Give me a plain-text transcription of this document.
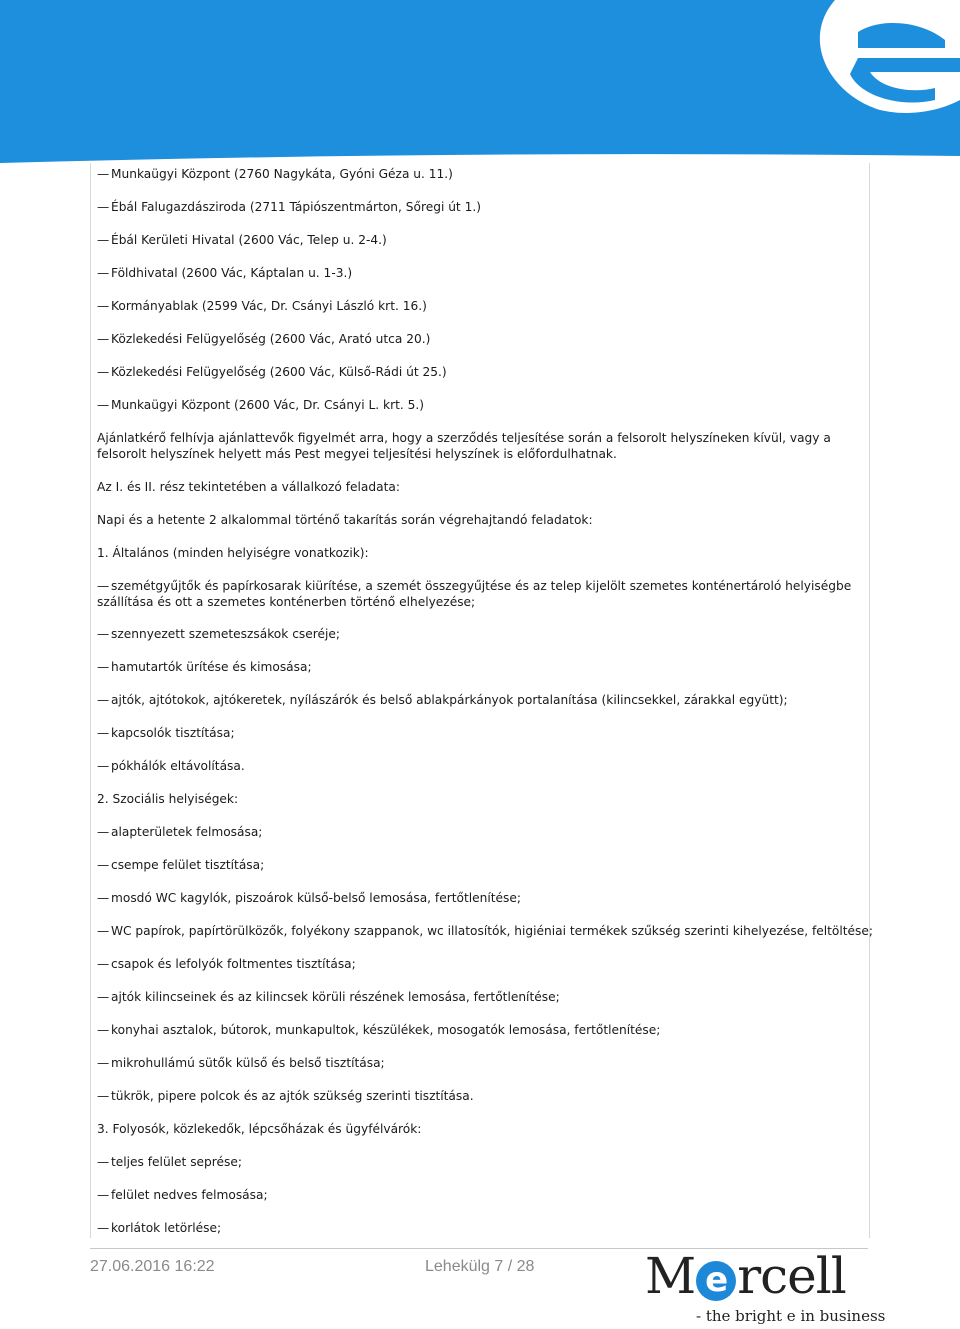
— Munkaügyi Központ (2760 Nagykáta, Gyóni Géza u. 11.)
— Ébál Falugazdásziroda (2711 Tápiószentmárton, Sőregi út 1.)
— Ébál Kerületi Hivatal (2600 Vác, Telep u. 2-4.)
— Földhivatal (2600 Vác, Káptalan u. 1-3.)
— Kormányablak (2599 Vác, Dr. Csányi László krt. 16.)
— Közlekedési Felügyelőség (2600 Vác, Arató utca 20.)
— Közlekedési Felügyelőség (2600 Vác, Külső-Rádi út 25.)
— Munkaügyi Központ (2600 Vác, Dr. Csányi L. krt. 5.)
Ajánlatkérő felhívja ajánlattevők figyelmét arra, hogy a szerződés teljesítése során a felsorolt helyszíneken kívül, vagy a felsorolt helyszínek helyett más Pest megyei teljesítési helyszínek is előfordulhatnak.
Az I. és II. rész tekintetében a vállalkozó feladata:
Napi és a hetente 2 alkalommal történő takarítás során végrehajtandó feladatok:
1. Általános (minden helyiségre vonatkozik):
— szemétgyűjtők és papírkosarak kiürítése, a szemét összegyűjtése és az telep kijelölt szemetes konténertároló helyiségbe szállítása és ott a szemetes konténerben történő elhelyezése;
— szennyezett szemeteszsákok cseréje;
— hamutartók ürítése és kimosása;
— ajtók, ajtótokok, ajtókeretek, nyílászárók és belső ablakpárkányok portalanítása (kilincsekkel, zárakkal együtt);
— kapcsolók tisztítása;
— pókhálók eltávolítása.
2. Szociális helyiségek:
— alapterületek felmosása;
— csempe felület tisztítása;
— mosdó WC kagylók, piszoárok külső-belső lemosása, fertőtlenítése;
— WC papírok, papírtörülközők, folyékony szappanok, wc illatosítók, higiéniai termékek szűkség szerinti kihelyezése, feltöltése;
— csapok és lefolyók foltmentes tisztítása;
— ajtók kilincseinek és az kilincsek körüli részének lemosása, fertőtlenítése;
— konyhai asztalok, bútorok, munkapultok, készülékek, mosogatók lemosása, fertőtlenítése;
— mikrohullámú sütők külső és belső tisztítása;
— tükrök, pipere polcok és az ajtók szükség szerinti tisztítása.
3. Folyosók, közlekedők, lépcsőházak és ügyfélvárók:
— teljes felület seprése;
— felület nedves felmosása;
— korlátok letörlése;
27.06.2016 16:22	Lehekülg 7 / 28 M e rcell
- the bright e in business
